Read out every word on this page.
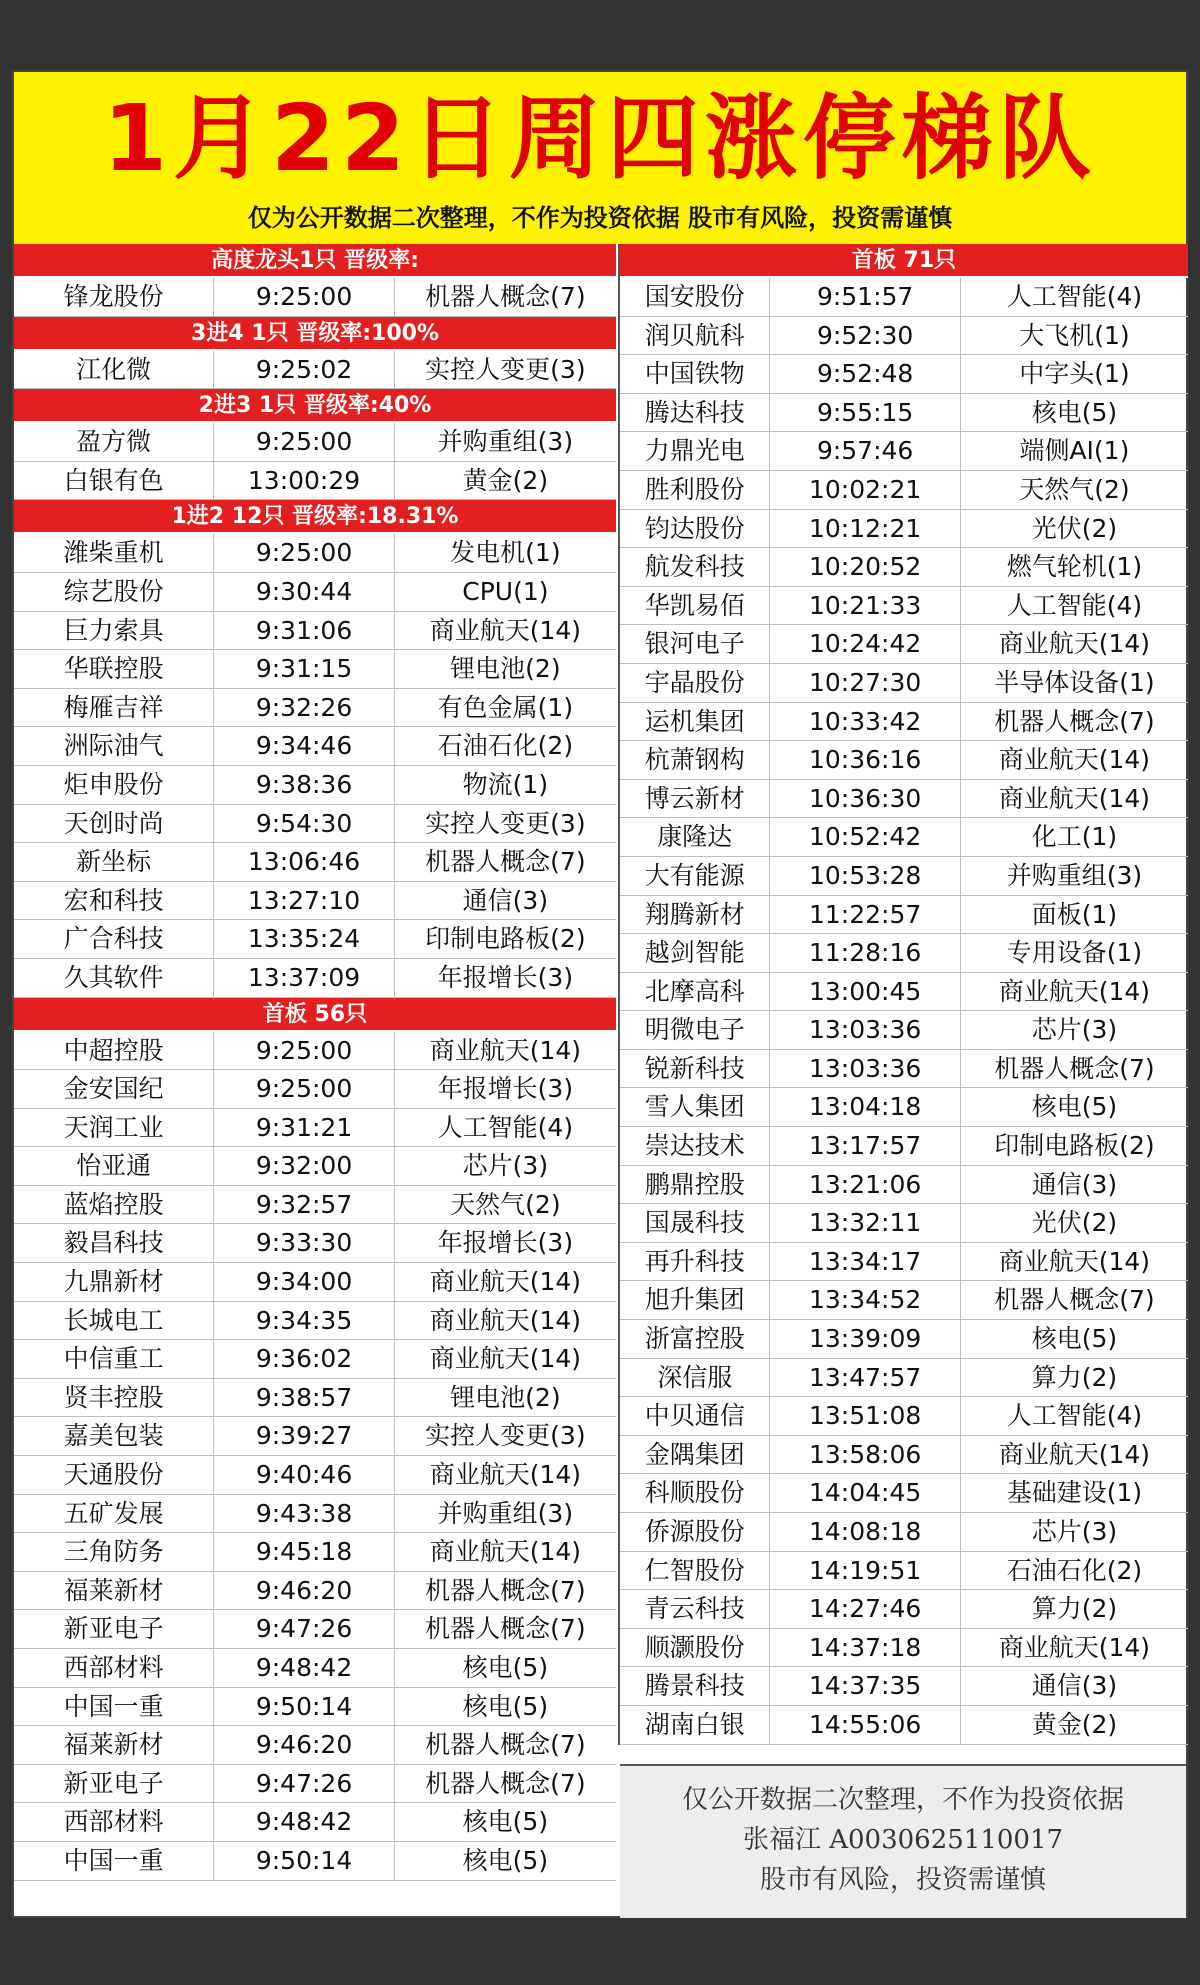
1月22日周四涨停梯队
仅为公开数据二次整理，不作为投资依据 股市有风险，投资需谨慎
高度龙头1只 晋级率:
锋龙股份	9:25:00	机器人概念(7)
3进4 1只 晋级率:100%
江化微	9:25:02	实控人变更(3)
2进3 1只 晋级率:40%
盈方微	9:25:00	并购重组(3)
白银有色	13:00:29	黄金(2)
1进2 12只 晋级率:18.31%
潍柴重机	9:25:00	发电机(1)
综艺股份	9:30:44	CPU(1)
巨力索具	9:31:06	商业航天(14)
华联控股	9:31:15	锂电池(2)
梅雁吉祥	9:32:26	有色金属(1)
洲际油气	9:34:46	石油石化(2)
炬申股份	9:38:36	物流(1)
天创时尚	9:54:30	实控人变更(3)
新坐标	13:06:46	机器人概念(7)
宏和科技	13:27:10	通信(3)
广合科技	13:35:24	印制电路板(2)
久其软件	13:37:09	年报增长(3)
首板 56只
中超控股	9:25:00	商业航天(14)
金安国纪	9:25:00	年报增长(3)
天润工业	9:31:21	人工智能(4)
怡亚通	9:32:00	芯片(3)
蓝焰控股	9:32:57	天然气(2)
毅昌科技	9:33:30	年报增长(3)
九鼎新材	9:34:00	商业航天(14)
长城电工	9:34:35	商业航天(14)
中信重工	9:36:02	商业航天(14)
贤丰控股	9:38:57	锂电池(2)
嘉美包装	9:39:27	实控人变更(3)
天通股份	9:40:46	商业航天(14)
五矿发展	9:43:38	并购重组(3)
三角防务	9:45:18	商业航天(14)
福莱新材	9:46:20	机器人概念(7)
新亚电子	9:47:26	机器人概念(7)
西部材料	9:48:42	核电(5)
中国一重	9:50:14	核电(5)
福莱新材	9:46:20	机器人概念(7)
新亚电子	9:47:26	机器人概念(7)
西部材料	9:48:42	核电(5)
中国一重	9:50:14	核电(5)
首板 71只
国安股份	9:51:57	人工智能(4)
润贝航科	9:52:30	大飞机(1)
中国铁物	9:52:48	中字头(1)
腾达科技	9:55:15	核电(5)
力鼎光电	9:57:46	端侧AI(1)
胜利股份	10:02:21	天然气(2)
钧达股份	10:12:21	光伏(2)
航发科技	10:20:52	燃气轮机(1)
华凯易佰	10:21:33	人工智能(4)
银河电子	10:24:42	商业航天(14)
宇晶股份	10:27:30	半导体设备(1)
运机集团	10:33:42	机器人概念(7)
杭萧钢构	10:36:16	商业航天(14)
博云新材	10:36:30	商业航天(14)
康隆达	10:52:42	化工(1)
大有能源	10:53:28	并购重组(3)
翔腾新材	11:22:57	面板(1)
越剑智能	11:28:16	专用设备(1)
北摩高科	13:00:45	商业航天(14)
明微电子	13:03:36	芯片(3)
锐新科技	13:03:36	机器人概念(7)
雪人集团	13:04:18	核电(5)
崇达技术	13:17:57	印制电路板(2)
鹏鼎控股	13:21:06	通信(3)
国晟科技	13:32:11	光伏(2)
再升科技	13:34:17	商业航天(14)
旭升集团	13:34:52	机器人概念(7)
浙富控股	13:39:09	核电(5)
深信服	13:47:57	算力(2)
中贝通信	13:51:08	人工智能(4)
金隅集团	13:58:06	商业航天(14)
科顺股份	14:04:45	基础建设(1)
侨源股份	14:08:18	芯片(3)
仁智股份	14:19:51	石油石化(2)
青云科技	14:27:46	算力(2)
顺灏股份	14:37:18	商业航天(14)
腾景科技	14:37:35	通信(3)
湖南白银	14:55:06	黄金(2)
仅公开数据二次整理，不作为投资依据
张福江 A0030625110017
股市有风险，投资需谨慎
